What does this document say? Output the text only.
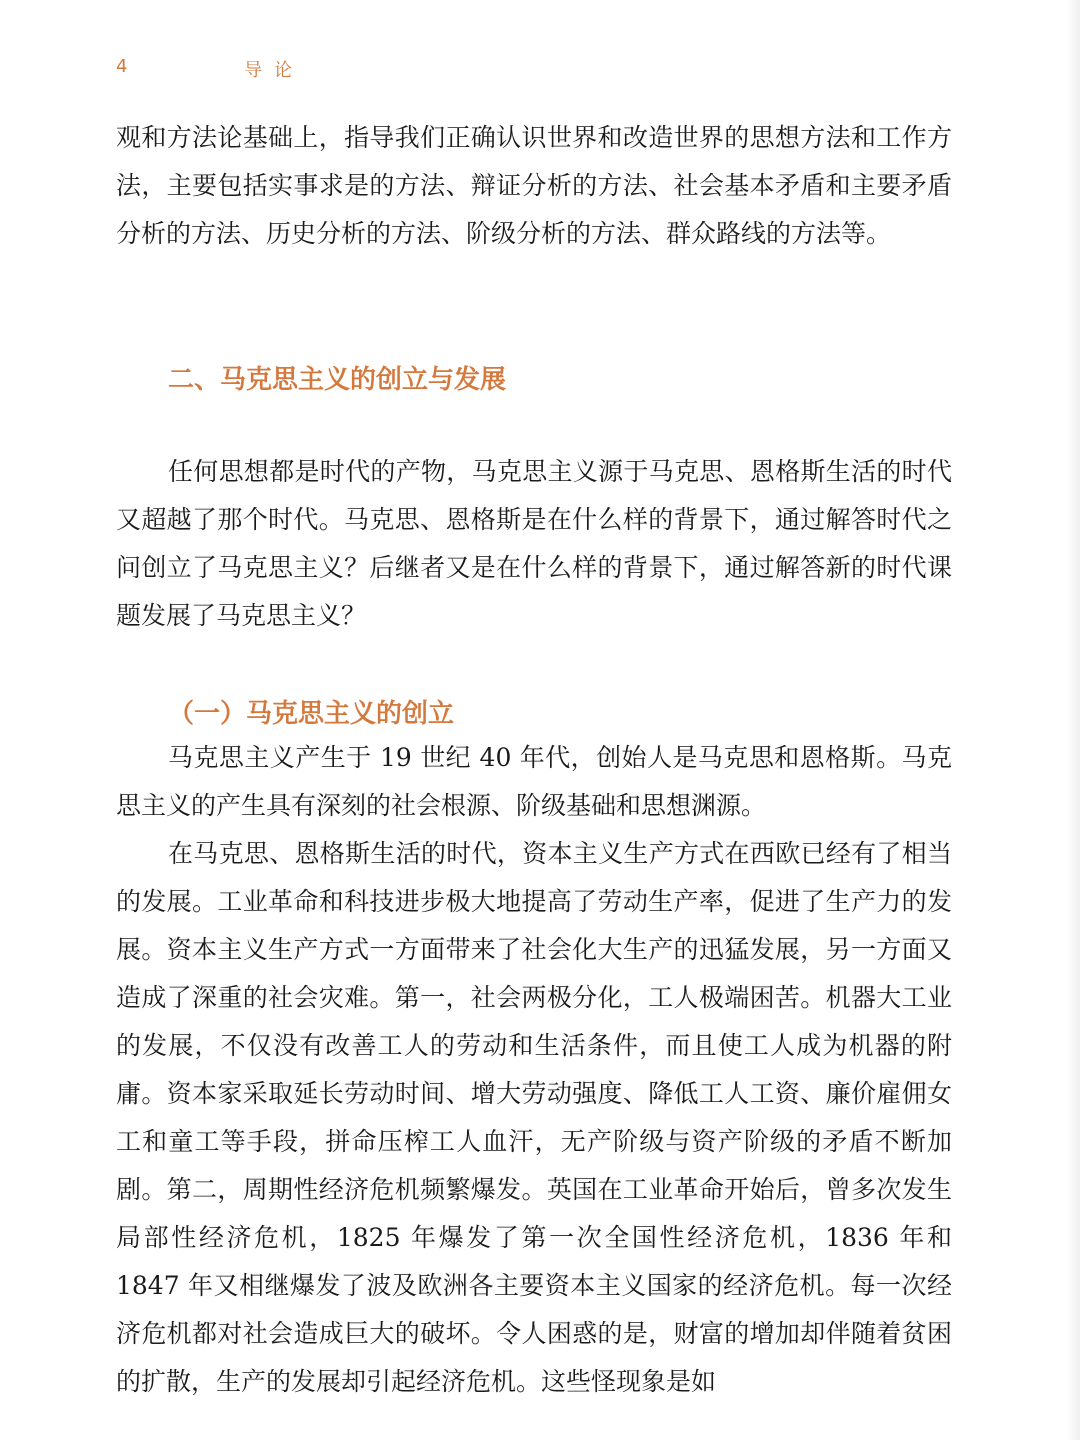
4	导论

观和方法论基础上，指导我们正确认识世界和改造世界的思想方法和工作方法，主要包括实事求是的方法、辩证分析的方法、社会基本矛盾和主要矛盾分析的方法、历史分析的方法、阶级分析的方法、群众路线的方法等。

二、马克思主义的创立与发展

任何思想都是时代的产物，马克思主义源于马克思、恩格斯生活的时代又超越了那个时代。马克思、恩格斯是在什么样的背景下，通过解答时代之问创立了马克思主义？后继者又是在什么样的背景下，通过解答新的时代课题发展了马克思主义？

（一）马克思主义的创立

马克思主义产生于 19 世纪 40 年代，创始人是马克思和恩格斯。马克思主义的产生具有深刻的社会根源、阶级基础和思想渊源。

在马克思、恩格斯生活的时代，资本主义生产方式在西欧已经有了相当的发展。工业革命和科技进步极大地提高了劳动生产率，促进了生产力的发展。资本主义生产方式一方面带来了社会化大生产的迅猛发展，另一方面又造成了深重的社会灾难。第一，社会两极分化，工人极端困苦。机器大工业的发展，不仅没有改善工人的劳动和生活条件，而且使工人成为机器的附庸。资本家采取延长劳动时间、增大劳动强度、降低工人工资、廉价雇佣女工和童工等手段，拼命压榨工人血汗，无产阶级与资产阶级的矛盾不断加剧。第二，周期性经济危机频繁爆发。英国在工业革命开始后，曾多次发生局部性经济危机，1825 年爆发了第一次全国性经济危机，1836 年和 1847 年又相继爆发了波及欧洲各主要资本主义国家的经济危机。每一次经济危机都对社会造成巨大的破坏。令人困惑的是，财富的增加却伴随着贫困的扩散，生产的发展却引起经济危机。这些怪现象是如
